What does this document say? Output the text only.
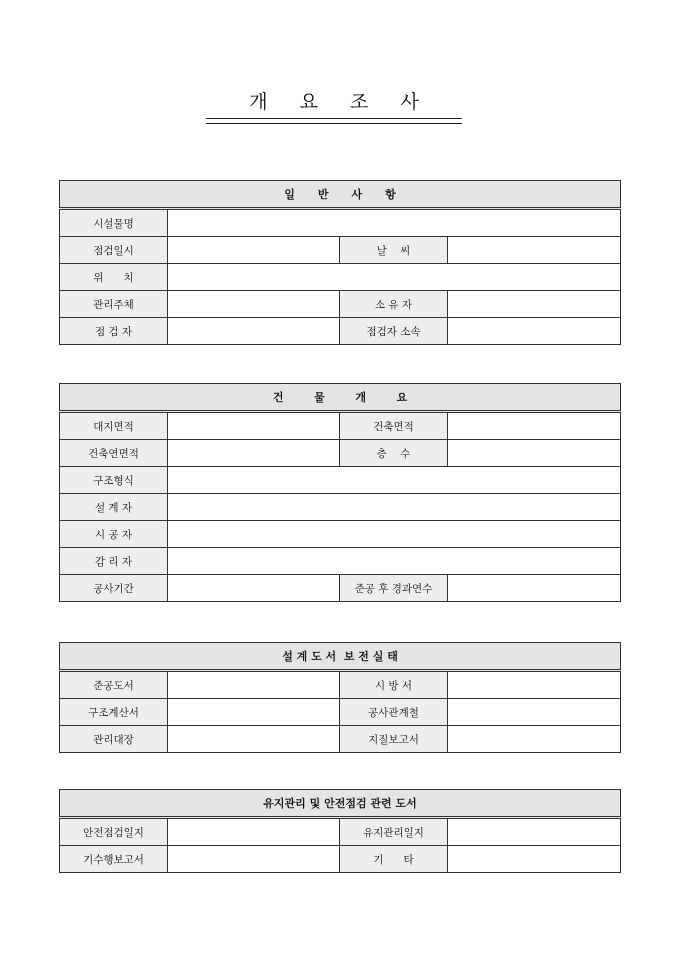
개 요 조 사
일      반      사      항			
시설물명			
점검일시		날    씨	
위      치			
관리주체		소 유 자	
점 검 자		점검자 소속	
건        물        개        요			
대지면적		건축면적	
건축연면적		층    수	
구조형식			
설 계 자			
시 공 자			
감 리 자			
공사기간		준공 후 경과연수	
설 계 도 서  보 전 실 태			
준공도서		시 방 서	
구조계산서		공사관계철	
관리대장		지질보고서	
유지관리 및 안전점검 관련 도서			
안전점검일지		유지관리일지	
기수행보고서		기      타	
